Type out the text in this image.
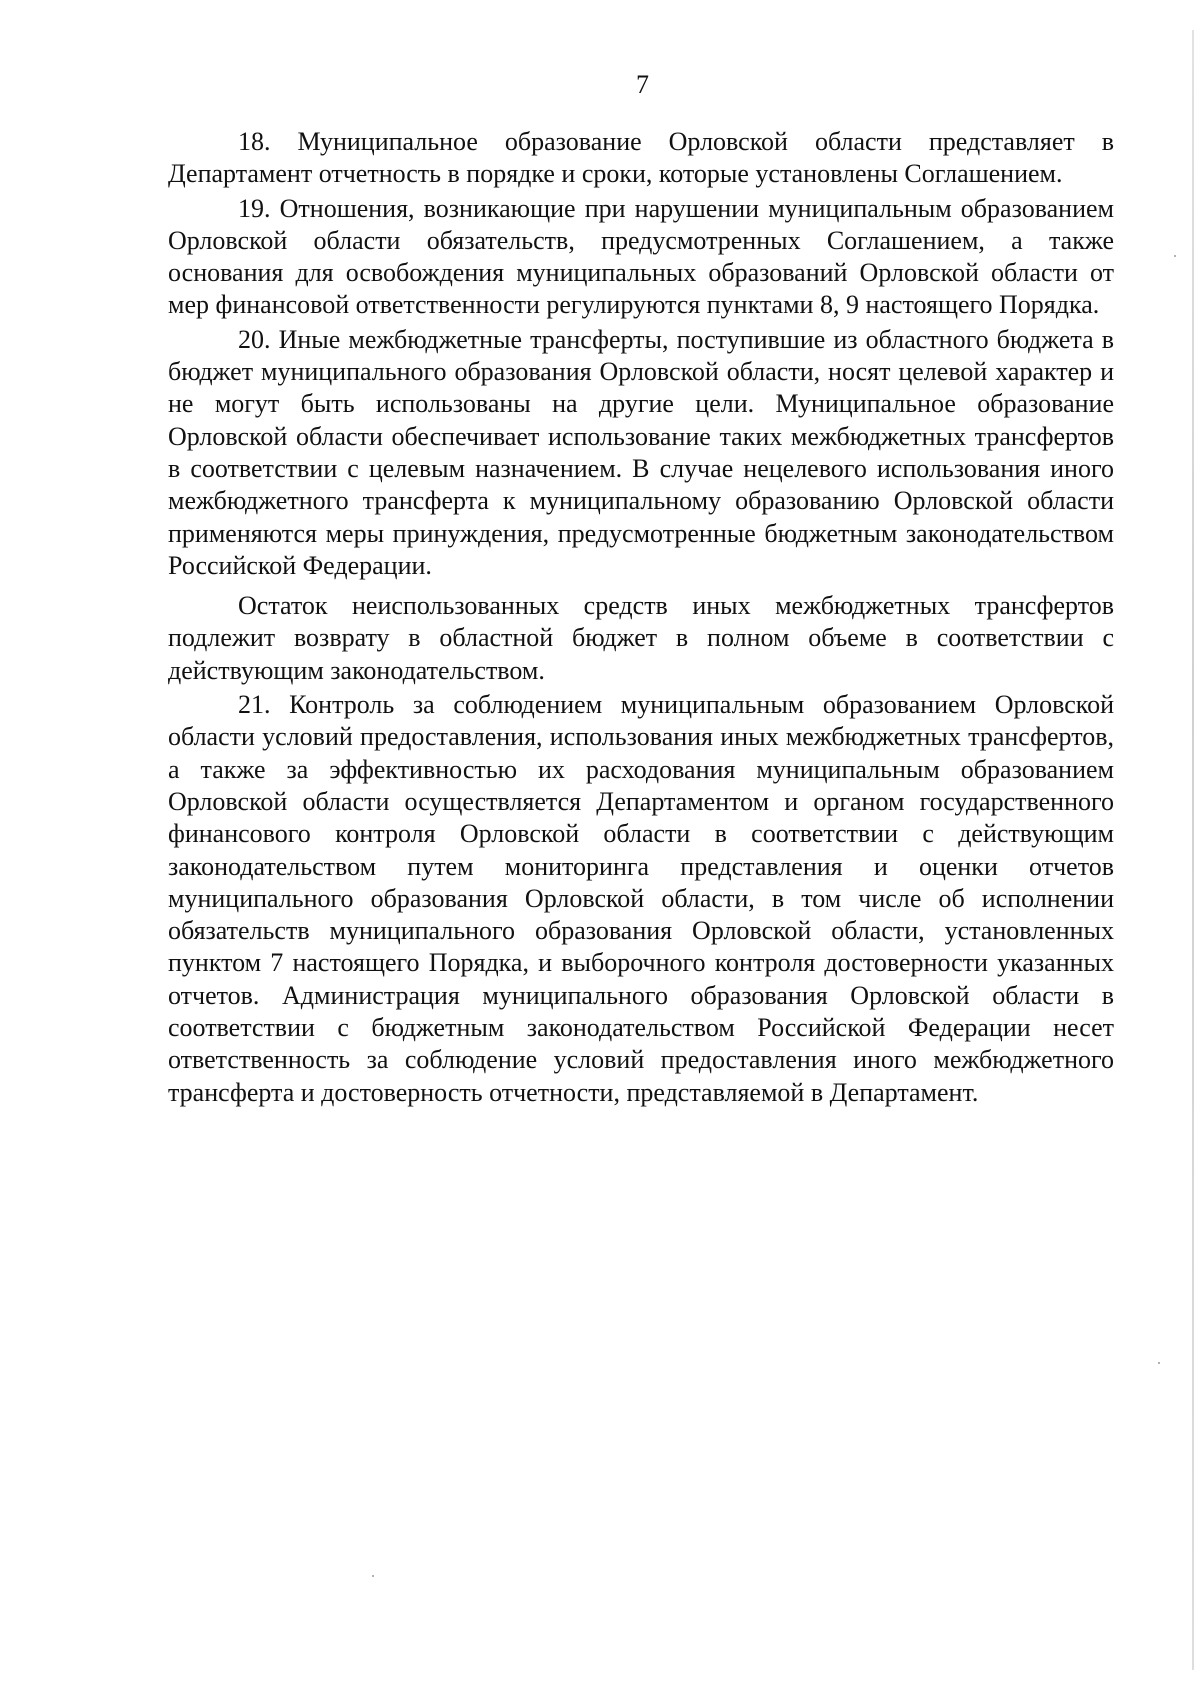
7

18. Муниципальное образование Орловской области представляет в Департамент отчетность в порядке и сроки, которые установлены Соглашением.

19. Отношения, возникающие при нарушении муниципальным образованием Орловской области обязательств, предусмотренных Соглашением, а также основания для освобождения муниципальных образований Орловской области от мер финансовой ответственности регулируются пунктами 8, 9 настоящего Порядка.

20. Иные межбюджетные трансферты, поступившие из областного бюджета в бюджет муниципального образования Орловской области, носят целевой характер и не могут быть использованы на другие цели. Муниципальное образование Орловской области обеспечивает использование таких межбюджетных трансфертов в соответствии с целевым назначением. В случае нецелевого использования иного межбюджетного трансферта к муниципальному образованию Орловской области применяются меры принуждения, предусмотренные бюджетным законодательством Российской Федерации.

Остаток неиспользованных средств иных межбюджетных трансфертов подлежит возврату в областной бюджет в полном объеме в соответствии с действующим законодательством.

21. Контроль за соблюдением муниципальным образованием Орловской области условий предоставления, использования иных межбюджетных трансфертов, а также за эффективностью их расходования муниципальным образованием Орловской области осуществляется Департаментом и органом государственного финансового контроля Орловской области в соответствии с действующим законодательством путем мониторинга представления и оценки отчетов муниципального образования Орловской области, в том числе об исполнении обязательств муниципального образования Орловской области, установленных пунктом 7 настоящего Порядка, и выборочного контроля достоверности указанных отчетов. Администрация муниципального образования Орловской области в соответствии с бюджетным законодательством Российской Федерации несет ответственность за соблюдение условий предоставления иного межбюджетного трансферта и достоверность отчетности, представляемой в Департамент.
